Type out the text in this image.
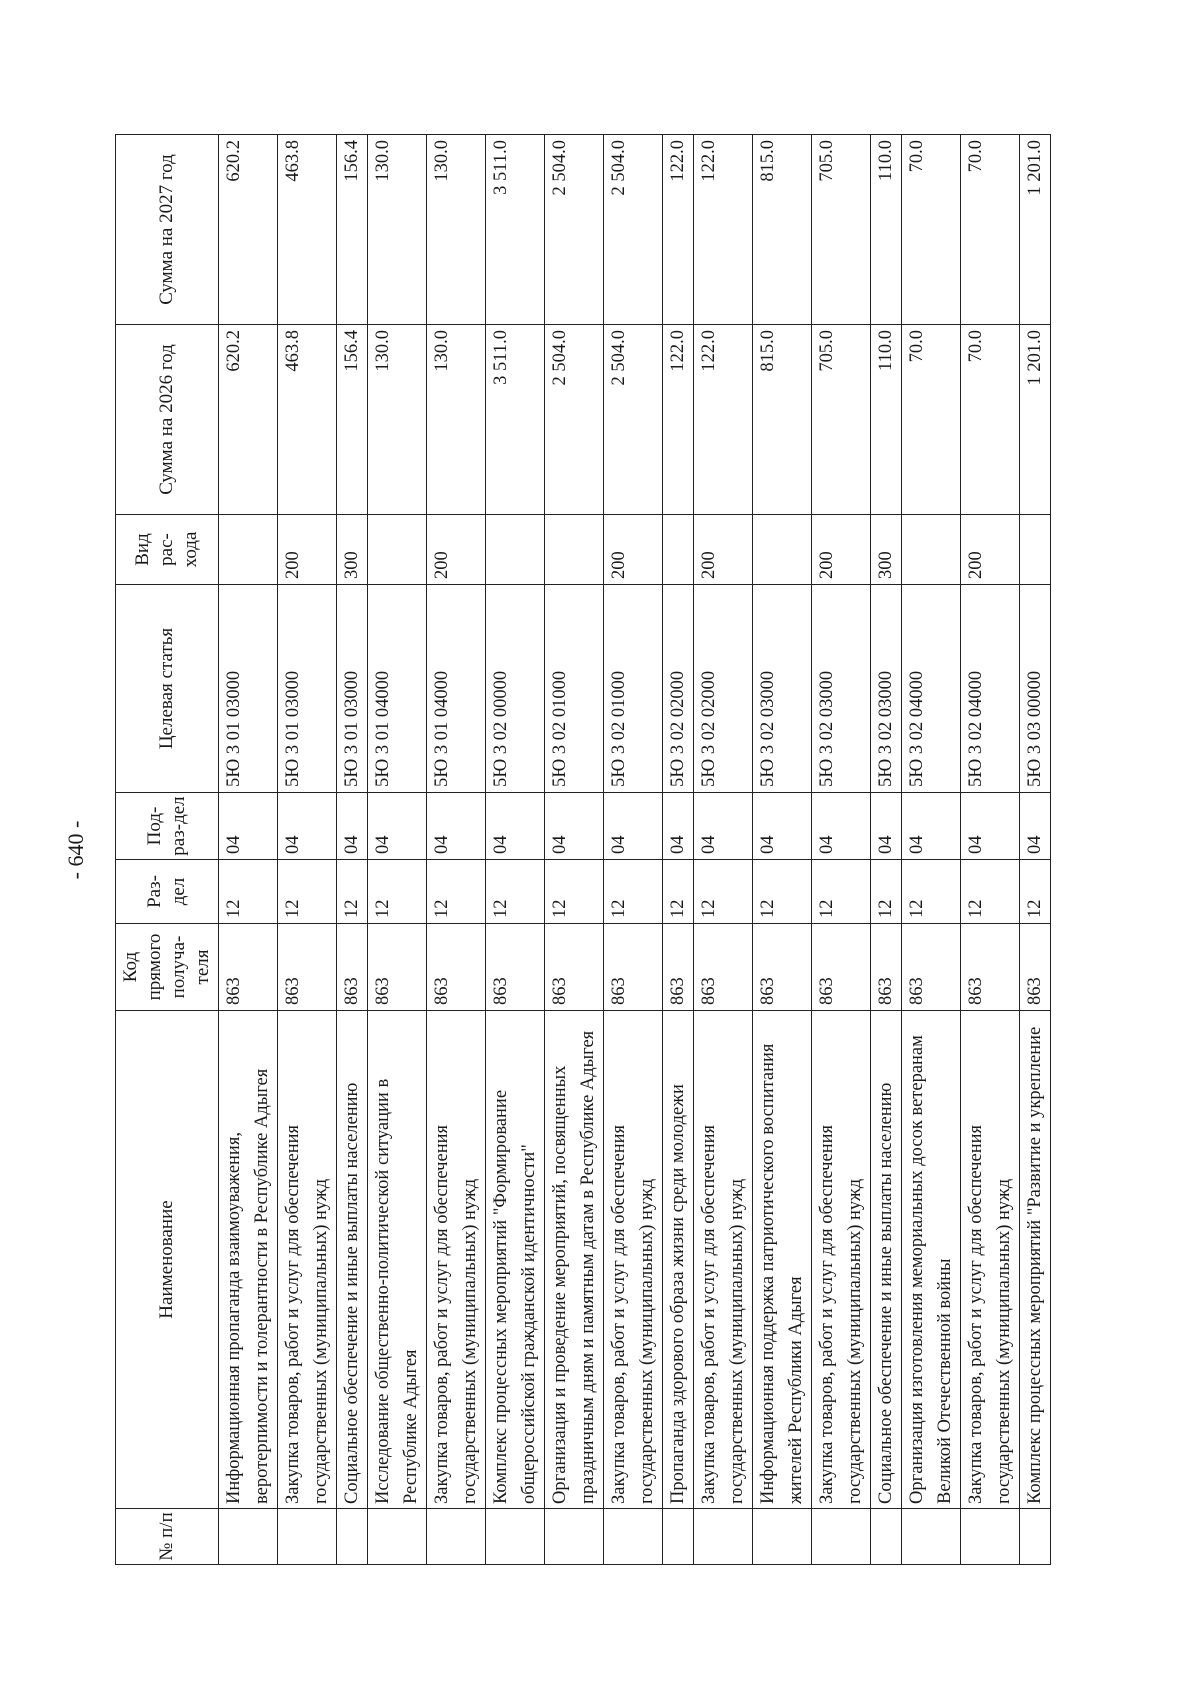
- 640 -
№ п/п	Наименование	Код прямого получа-теля	Раз-дел	Под-раз-дел	Целевая статья	Вид рас-хода	Сумма на 2026 год	Сумма на 2027 год
	Информационная пропаганда взаимоуважения, веротерпимости и толерантности в Республике Адыгея	863	12	04	5Ю 3 01 03000		620.2	620.2
	Закупка товаров, работ и услуг для обеспечения государственных (муниципальных) нужд	863	12	04	5Ю 3 01 03000	200	463.8	463.8
	Социальное обеспечение и иные выплаты населению	863	12	04	5Ю 3 01 03000	300	156.4	156.4
	Исследование общественно-политической ситуации в Республике Адыгея	863	12	04	5Ю 3 01 04000		130.0	130.0
	Закупка товаров, работ и услуг для обеспечения государственных (муниципальных) нужд	863	12	04	5Ю 3 01 04000	200	130.0	130.0
	Комплекс процессных мероприятий "Формирование общероссийской гражданской идентичности"	863	12	04	5Ю 3 02 00000		3 511.0	3 511.0
	Организация и проведение мероприятий, посвященных праздничным дням и памятным датам в Республике Адыгея	863	12	04	5Ю 3 02 01000		2 504.0	2 504.0
	Закупка товаров, работ и услуг для обеспечения государственных (муниципальных) нужд	863	12	04	5Ю 3 02 01000	200	2 504.0	2 504.0
	Пропаганда здорового образа жизни среди молодежи	863	12	04	5Ю 3 02 02000		122.0	122.0
	Закупка товаров, работ и услуг для обеспечения государственных (муниципальных) нужд	863	12	04	5Ю 3 02 02000	200	122.0	122.0
	Информационная поддержка патриотического воспитания жителей Республики Адыгея	863	12	04	5Ю 3 02 03000		815.0	815.0
	Закупка товаров, работ и услуг для обеспечения государственных (муниципальных) нужд	863	12	04	5Ю 3 02 03000	200	705.0	705.0
	Социальное обеспечение и иные выплаты населению	863	12	04	5Ю 3 02 03000	300	110.0	110.0
	Организация изготовления мемориальных досок ветеранам Великой Отечественной войны	863	12	04	5Ю 3 02 04000		70.0	70.0
	Закупка товаров, работ и услуг для обеспечения государственных (муниципальных) нужд	863	12	04	5Ю 3 02 04000	200	70.0	70.0
	Комплекс процессных мероприятий "Развитие и укрепление	863	12	04	5Ю 3 03 00000		1 201.0	1 201.0
